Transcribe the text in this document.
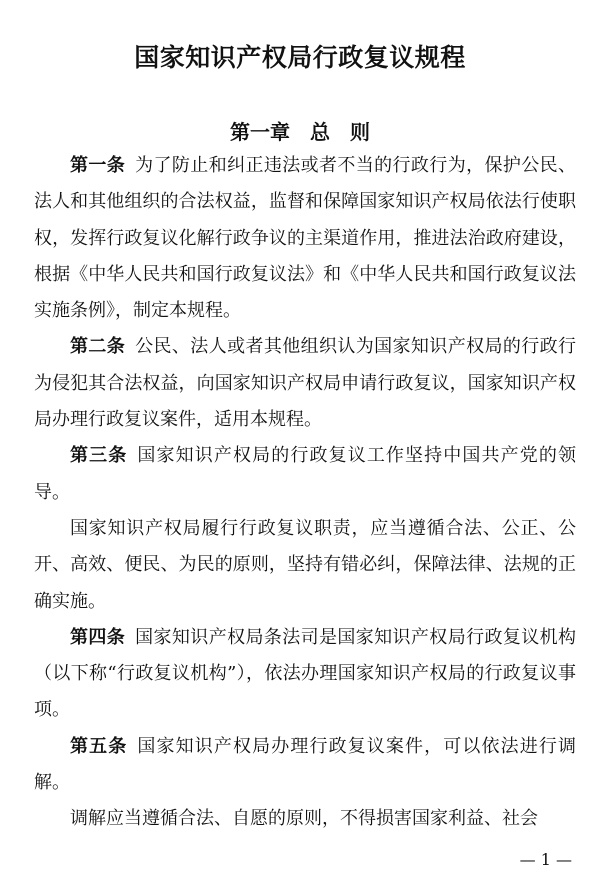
国家知识产权局行政复议规程
第一章　总　则

第一条 为了防止和纠正违法或者不当的行政行为，保护公民、法人和其他组织的合法权益，监督和保障国家知识产权局依法行使职权，发挥行政复议化解行政争议的主渠道作用，推进法治政府建设，根据《中华人民共和国行政复议法》和《中华人民共和国行政复议法实施条例》，制定本规程。

第二条 公民、法人或者其他组织认为国家知识产权局的行政行为侵犯其合法权益，向国家知识产权局申请行政复议，国家知识产权局办理行政复议案件，适用本规程。

第三条 国家知识产权局的行政复议工作坚持中国共产党的领导。

国家知识产权局履行行政复议职责，应当遵循合法、公正、公开、高效、便民、为民的原则，坚持有错必纠，保障法律、法规的正确实施。

第四条 国家知识产权局条法司是国家知识产权局行政复议机构（以下称“行政复议机构”），依法办理国家知识产权局的行政复议事项。

第五条 国家知识产权局办理行政复议案件，可以依法进行调解。

调解应当遵循合法、自愿的原则，不得损害国家利益、社会

— 1 —
